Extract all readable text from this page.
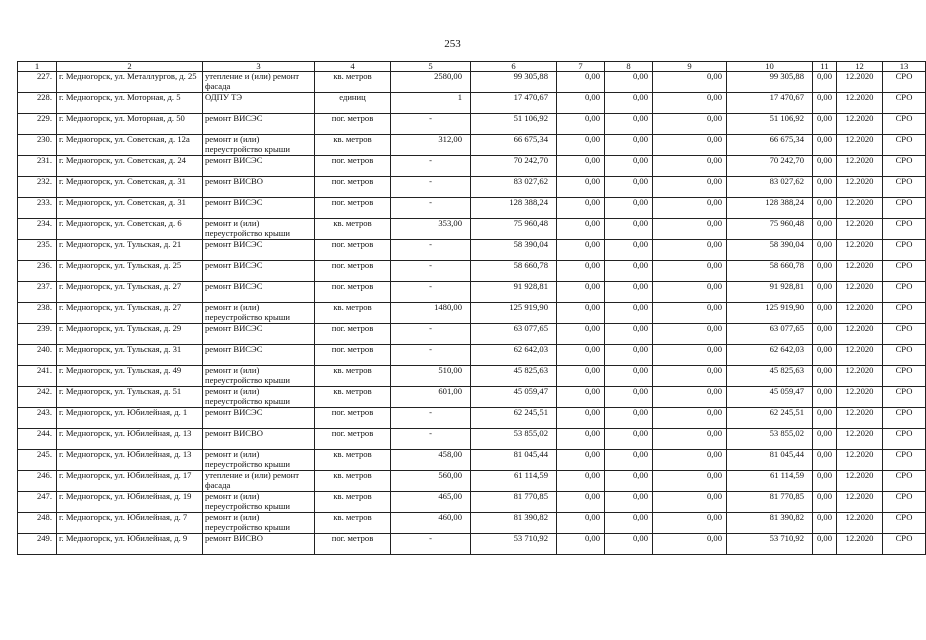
253
1	2	3	4	5	6	7	8	9	10	11	12	13
227.	г. Медногорск, ул. Металлургов, д. 25	утепление и (или) ремонт фасада	кв. метров	2580,00	99 305,88	0,00	0,00	0,00	99 305,88	0,00	12.2020	СРО
228.	г. Медногорск, ул. Моторная, д. 5	ОДПУ ТЭ	единиц	1	17 470,67	0,00	0,00	0,00	17 470,67	0,00	12.2020	СРО
229.	г. Медногорск, ул. Моторная, д. 50	ремонт ВИСЭС	пог. метров	-	51 106,92	0,00	0,00	0,00	51 106,92	0,00	12.2020	СРО
230.	г. Медногорск, ул. Советская, д. 12а	ремонт и (или) переустройство крыши	кв. метров	312,00	66 675,34	0,00	0,00	0,00	66 675,34	0,00	12.2020	СРО
231.	г. Медногорск, ул. Советская, д. 24	ремонт ВИСЭС	пог. метров	-	70 242,70	0,00	0,00	0,00	70 242,70	0,00	12.2020	СРО
232.	г. Медногорск, ул. Советская, д. 31	ремонт ВИСВО	пог. метров	-	83 027,62	0,00	0,00	0,00	83 027,62	0,00	12.2020	СРО
233.	г. Медногорск, ул. Советская, д. 31	ремонт ВИСЭС	пог. метров	-	128 388,24	0,00	0,00	0,00	128 388,24	0,00	12.2020	СРО
234.	г. Медногорск, ул. Советская, д. 6	ремонт и (или) переустройство крыши	кв. метров	353,00	75 960,48	0,00	0,00	0,00	75 960,48	0,00	12.2020	СРО
235.	г. Медногорск, ул. Тульская, д. 21	ремонт ВИСЭС	пог. метров	-	58 390,04	0,00	0,00	0,00	58 390,04	0,00	12.2020	СРО
236.	г. Медногорск, ул. Тульская, д. 25	ремонт ВИСЭС	пог. метров	-	58 660,78	0,00	0,00	0,00	58 660,78	0,00	12.2020	СРО
237.	г. Медногорск, ул. Тульская, д. 27	ремонт ВИСЭС	пог. метров	-	91 928,81	0,00	0,00	0,00	91 928,81	0,00	12.2020	СРО
238.	г. Медногорск, ул. Тульская, д. 27	ремонт и (или) переустройство крыши	кв. метров	1480,00	125 919,90	0,00	0,00	0,00	125 919,90	0,00	12.2020	СРО
239.	г. Медногорск, ул. Тульская, д. 29	ремонт ВИСЭС	пог. метров	-	63 077,65	0,00	0,00	0,00	63 077,65	0,00	12.2020	СРО
240.	г. Медногорск, ул. Тульская, д. 31	ремонт ВИСЭС	пог. метров	-	62 642,03	0,00	0,00	0,00	62 642,03	0,00	12.2020	СРО
241.	г. Медногорск, ул. Тульская, д. 49	ремонт и (или) переустройство крыши	кв. метров	510,00	45 825,63	0,00	0,00	0,00	45 825,63	0,00	12.2020	СРО
242.	г. Медногорск, ул. Тульская, д. 51	ремонт и (или) переустройство крыши	кв. метров	601,00	45 059,47	0,00	0,00	0,00	45 059,47	0,00	12.2020	СРО
243.	г. Медногорск, ул. Юбилейная, д. 1	ремонт ВИСЭС	пог. метров	-	62 245,51	0,00	0,00	0,00	62 245,51	0,00	12.2020	СРО
244.	г. Медногорск, ул. Юбилейная, д. 13	ремонт ВИСВО	пог. метров	-	53 855,02	0,00	0,00	0,00	53 855,02	0,00	12.2020	СРО
245.	г. Медногорск, ул. Юбилейная, д. 13	ремонт и (или) переустройство крыши	кв. метров	458,00	81 045,44	0,00	0,00	0,00	81 045,44	0,00	12.2020	СРО
246.	г. Медногорск, ул. Юбилейная, д. 17	утепление и (или) ремонт фасада	кв. метров	560,00	61 114,59	0,00	0,00	0,00	61 114,59	0,00	12.2020	СРО
247.	г. Медногорск, ул. Юбилейная, д. 19	ремонт и (или) переустройство крыши	кв. метров	465,00	81 770,85	0,00	0,00	0,00	81 770,85	0,00	12.2020	СРО
248.	г. Медногорск, ул. Юбилейная, д. 7	ремонт и (или) переустройство крыши	кв. метров	460,00	81 390,82	0,00	0,00	0,00	81 390,82	0,00	12.2020	СРО
249.	г. Медногорск, ул. Юбилейная, д. 9	ремонт ВИСВО	пог. метров	-	53 710,92	0,00	0,00	0,00	53 710,92	0,00	12.2020	СРО
